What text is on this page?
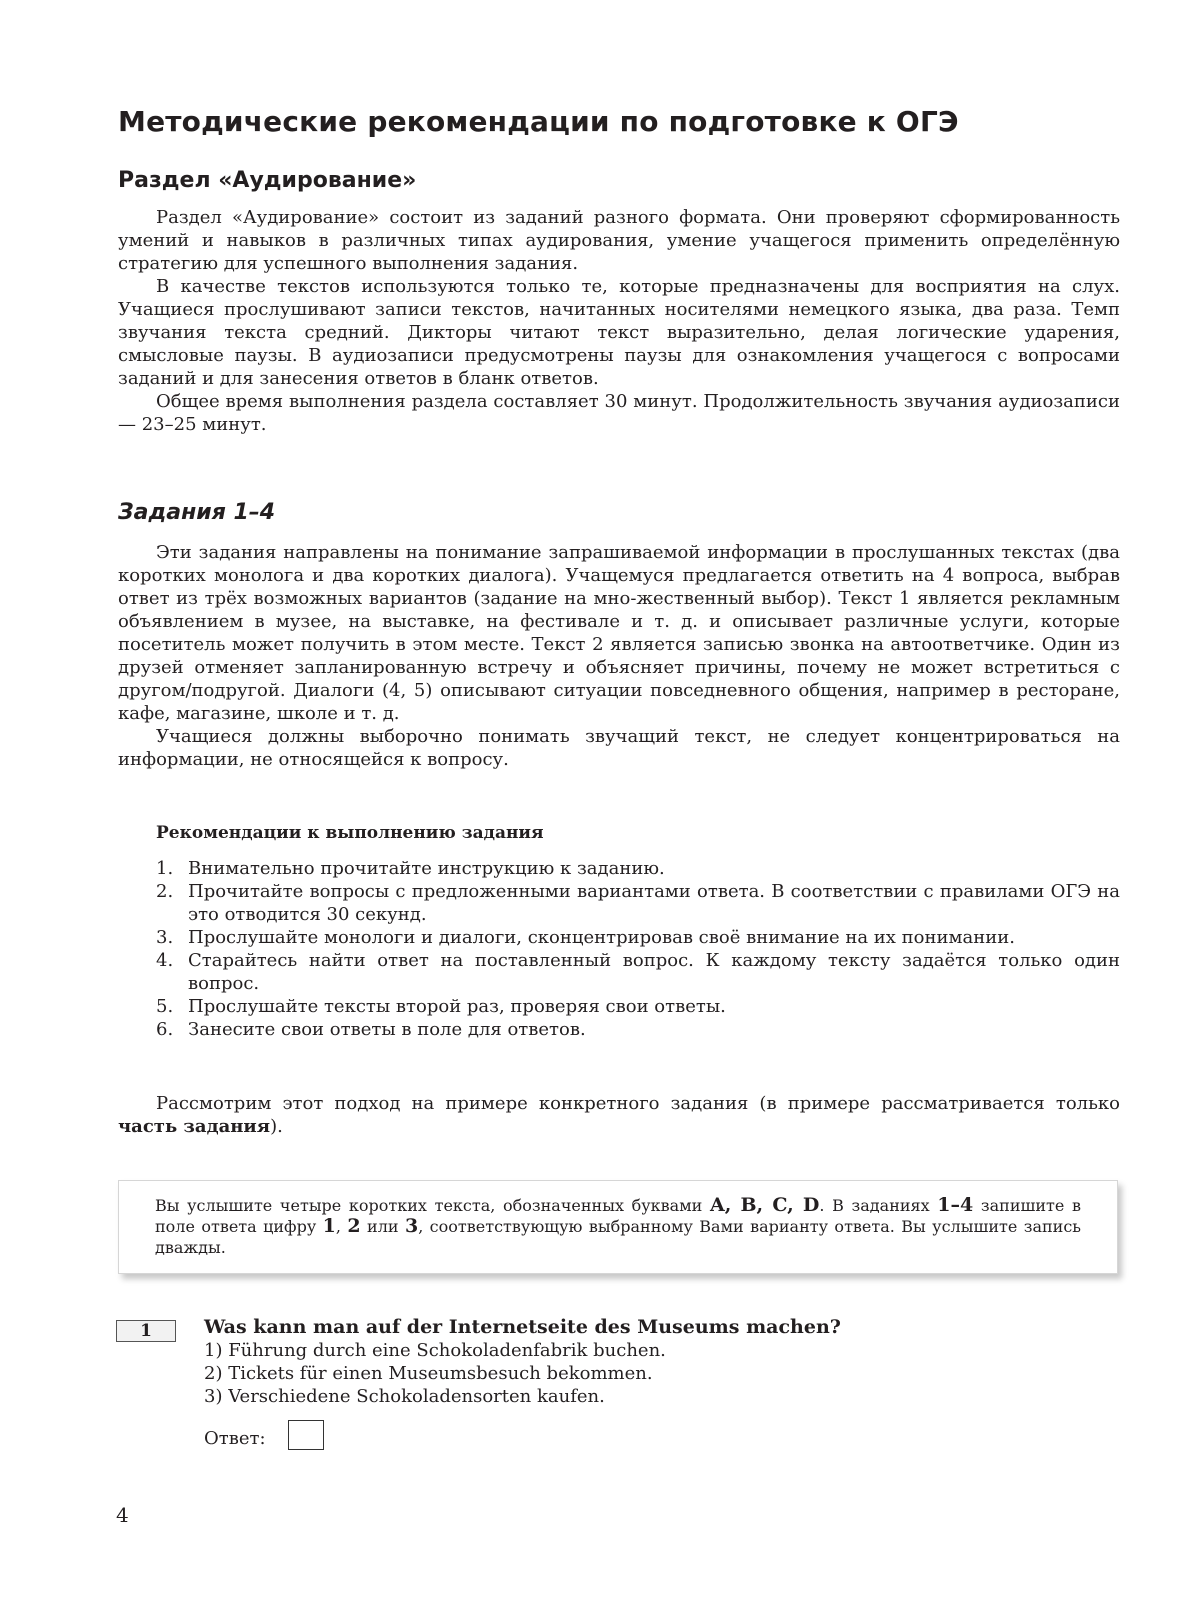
Методические рекомендации по подготовке к ОГЭ
Раздел «Аудирование»

Раздел «Аудирование» состоит из заданий разного формата. Они проверяют сформированность умений и навыков в различных типах аудирования, умение учащегося применить определённую стратегию для успешного выполнения задания.

В качестве текстов используются только те, которые предназначены для восприятия на слух. Учащиеся прослушивают записи текстов, начитанных носителями немецкого языка, два раза. Темп звучания текста средний. Дикторы читают текст выразительно, делая логические ударения, смысловые паузы. В аудиозаписи предусмотрены паузы для ознакомления учащегося с вопросами заданий и для занесения ответов в бланк ответов.

Общее время выполнения раздела составляет 30 минут. Продолжительность звучания аудиозаписи — 23–25 минут.

Задания 1–4

Эти задания направлены на понимание запрашиваемой информации в прослушанных текстах (два коротких монолога и два коротких диалога). Учащемуся предлагается ответить на 4 вопроса, выбрав ответ из трёх возможных вариантов (задание на мно-жественный выбор). Текст 1 является рекламным объявлением в музее, на выставке, на фестивале и т. д. и описывает различные услуги, которые посетитель может получить в этом месте. Текст 2 является записью звонка на автоответчике. Один из друзей отменяет запланированную встречу и объясняет причины, почему не может встретиться с другом/подругой. Диалоги (4, 5) описывают ситуации повседневного общения, например в ресторане, кафе, магазине, школе и т. д.

Учащиеся должны выборочно понимать звучащий текст, не следует концентрироваться на информации, не относящейся к вопросу.

Рекомендации к выполнению задания
1. Внимательно прочитайте инструкцию к заданию.
2. Прочитайте вопросы с предложенными вариантами ответа. В соответствии с правилами ОГЭ на это отводится 30 секунд.
3. Прослушайте монологи и диалоги, сконцентрировав своё внимание на их понимании.
4. Старайтесь найти ответ на поставленный вопрос. К каждому тексту задаётся только один вопрос.
5. Прослушайте тексты второй раз, проверяя свои ответы.
6. Занесите свои ответы в поле для ответов.

Рассмотрим этот подход на примере конкретного задания (в примере рассматривается только часть задания).

Вы услышите четыре коротких текста, обозначенных буквами A, B, C, D. В заданиях 1–4 запишите в поле ответа цифру 1, 2 или 3, соответствующую выбранному Вами варианту ответа. Вы услышите запись дважды.
1	Was kann man auf der Internetseite des Museums machen?

1) Führung durch eine Schokoladenfabrik buchen.
2) Tickets für einen Museumsbesuch bekommen.
3) Verschiedene Schokoladensorten kaufen.
Ответ:
4
